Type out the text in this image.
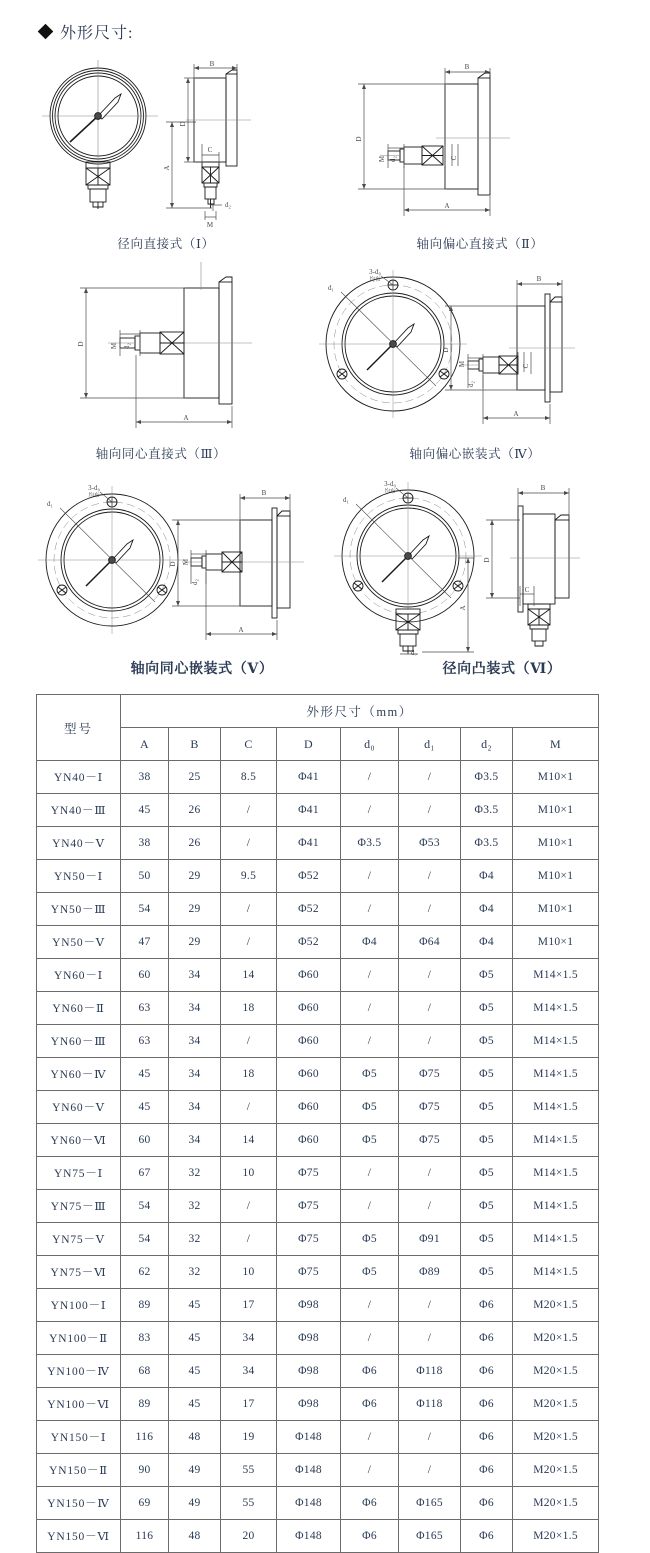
外形尺寸:
B
A
D
C
M
d₂
径向直接式（Ⅰ）
B
D
A
C
M d₂
轴向偏心直接式（Ⅱ）
D
A
M d₂
轴向同心直接式（Ⅲ）
3-d₀
均布
d₁
B
D
A
C
M
d₂
轴向偏心嵌装式（Ⅳ）
3-d₀
均布
d₁
B
D
A
M
d₂
轴向同心嵌装式（Ⅴ）
3-d₀
均布
d₁
B
D
C
A
d₂
径向凸装式（Ⅵ）
型号	外形尺寸（mm）							
	A	B	C	D	d₀	d₁	d₂	M
YN40－Ⅰ	38	25	8.5	Φ41	/	/	Φ3.5	M10×1
YN40－Ⅲ	45	26	/	Φ41	/	/	Φ3.5	M10×1
YN40－Ⅴ	38	26	/	Φ41	Φ3.5	Φ53	Φ3.5	M10×1
YN50－Ⅰ	50	29	9.5	Φ52	/	/	Φ4	M10×1
YN50－Ⅲ	54	29	/	Φ52	/	/	Φ4	M10×1
YN50－Ⅴ	47	29	/	Φ52	Φ4	Φ64	Φ4	M10×1
YN60－Ⅰ	60	34	14	Φ60	/	/	Φ5	M14×1.5
YN60－Ⅱ	63	34	18	Φ60	/	/	Φ5	M14×1.5
YN60－Ⅲ	63	34	/	Φ60	/	/	Φ5	M14×1.5
YN60－Ⅳ	45	34	18	Φ60	Φ5	Φ75	Φ5	M14×1.5
YN60－Ⅴ	45	34	/	Φ60	Φ5	Φ75	Φ5	M14×1.5
YN60－Ⅵ	60	34	14	Φ60	Φ5	Φ75	Φ5	M14×1.5
YN75－Ⅰ	67	32	10	Φ75	/	/	Φ5	M14×1.5
YN75－Ⅲ	54	32	/	Φ75	/	/	Φ5	M14×1.5
YN75－Ⅴ	54	32	/	Φ75	Φ5	Φ91	Φ5	M14×1.5
YN75－Ⅵ	62	32	10	Φ75	Φ5	Φ89	Φ5	M14×1.5
YN100－Ⅰ	89	45	17	Φ98	/	/	Φ6	M20×1.5
YN100－Ⅱ	83	45	34	Φ98	/	/	Φ6	M20×1.5
YN100－Ⅳ	68	45	34	Φ98	Φ6	Φ118	Φ6	M20×1.5
YN100－Ⅵ	89	45	17	Φ98	Φ6	Φ118	Φ6	M20×1.5
YN150－Ⅰ	116	48	19	Φ148	/	/	Φ6	M20×1.5
YN150－Ⅱ	90	49	55	Φ148	/	/	Φ6	M20×1.5
YN150－Ⅳ	69	49	55	Φ148	Φ6	Φ165	Φ6	M20×1.5
YN150－Ⅵ	116	48	20	Φ148	Φ6	Φ165	Φ6	M20×1.5
